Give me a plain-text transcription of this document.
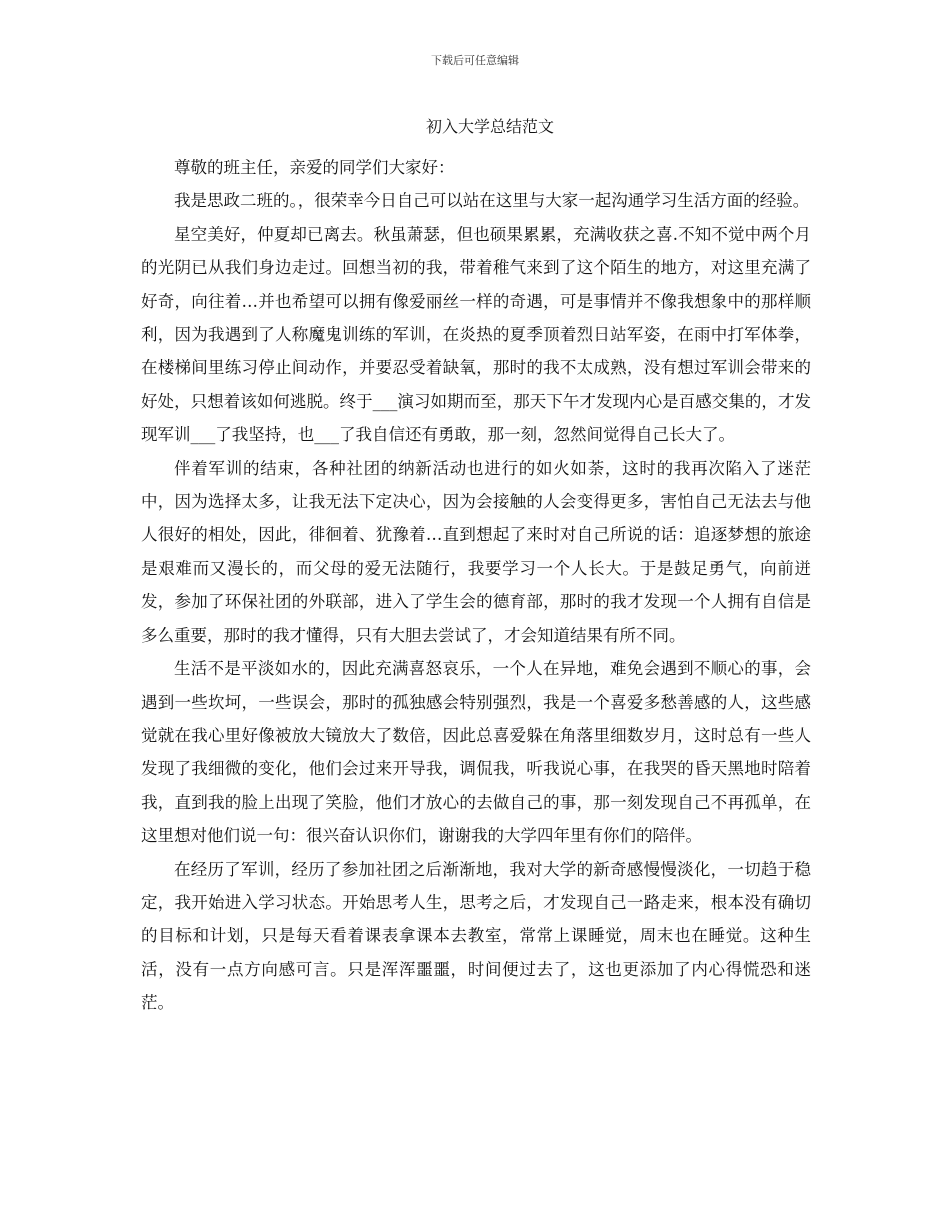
下载后可任意编辑
初入大学总结范文

尊敬的班主任，亲爱的同学们大家好：

我是思政二班的。，很荣幸今日自己可以站在这里与大家一起沟通学习生活方面的经验。

星空美好，仲夏却已离去。秋虽萧瑟，但也硕果累累，充满收获之喜.不知不觉中两个月的光阴已从我们身边走过。回想当初的我，带着稚气来到了这个陌生的地方，对这里充满了好奇，向往着…并也希望可以拥有像爱丽丝一样的奇遇，可是事情并不像我想象中的那样顺利，因为我遇到了人称魔鬼训练的军训，在炎热的夏季顶着烈日站军姿，在雨中打军体拳，在楼梯间里练习停止间动作，并要忍受着缺氧，那时的我不太成熟，没有想过军训会带来的好处，只想着该如何逃脱。终于___演习如期而至，那天下午才发现内心是百感交集的，才发现军训___了我坚持，也___了我自信还有勇敢，那一刻，忽然间觉得自己长大了。

伴着军训的结束，各种社团的纳新活动也进行的如火如荼，这时的我再次陷入了迷茫中，因为选择太多，让我无法下定决心，因为会接触的人会变得更多，害怕自己无法去与他人很好的相处，因此，徘徊着、犹豫着…直到想起了来时对自己所说的话：追逐梦想的旅途是艰难而又漫长的，而父母的爱无法随行，我要学习一个人长大。于是鼓足勇气，向前迸发，参加了环保社团的外联部，进入了学生会的德育部，那时的我才发现一个人拥有自信是多么重要，那时的我才懂得，只有大胆去尝试了，才会知道结果有所不同。

生活不是平淡如水的，因此充满喜怒哀乐，一个人在异地，难免会遇到不顺心的事，会遇到一些坎坷，一些误会，那时的孤独感会特别强烈，我是一个喜爱多愁善感的人，这些感觉就在我心里好像被放大镜放大了数倍，因此总喜爱躲在角落里细数岁月，这时总有一些人发现了我细微的变化，他们会过来开导我，调侃我，听我说心事，在我哭的昏天黑地时陪着我，直到我的脸上出现了笑脸，他们才放心的去做自己的事，那一刻发现自己不再孤单，在这里想对他们说一句：很兴奋认识你们，谢谢我的大学四年里有你们的陪伴。

在经历了军训，经历了参加社团之后渐渐地，我对大学的新奇感慢慢淡化，一切趋于稳定，我开始进入学习状态。开始思考人生，思考之后，才发现自己一路走来，根本没有确切的目标和计划，只是每天看着课表拿课本去教室，常常上课睡觉，周末也在睡觉。这种生活，没有一点方向感可言。只是浑浑噩噩，时间便过去了，这也更添加了内心得慌恐和迷茫。
